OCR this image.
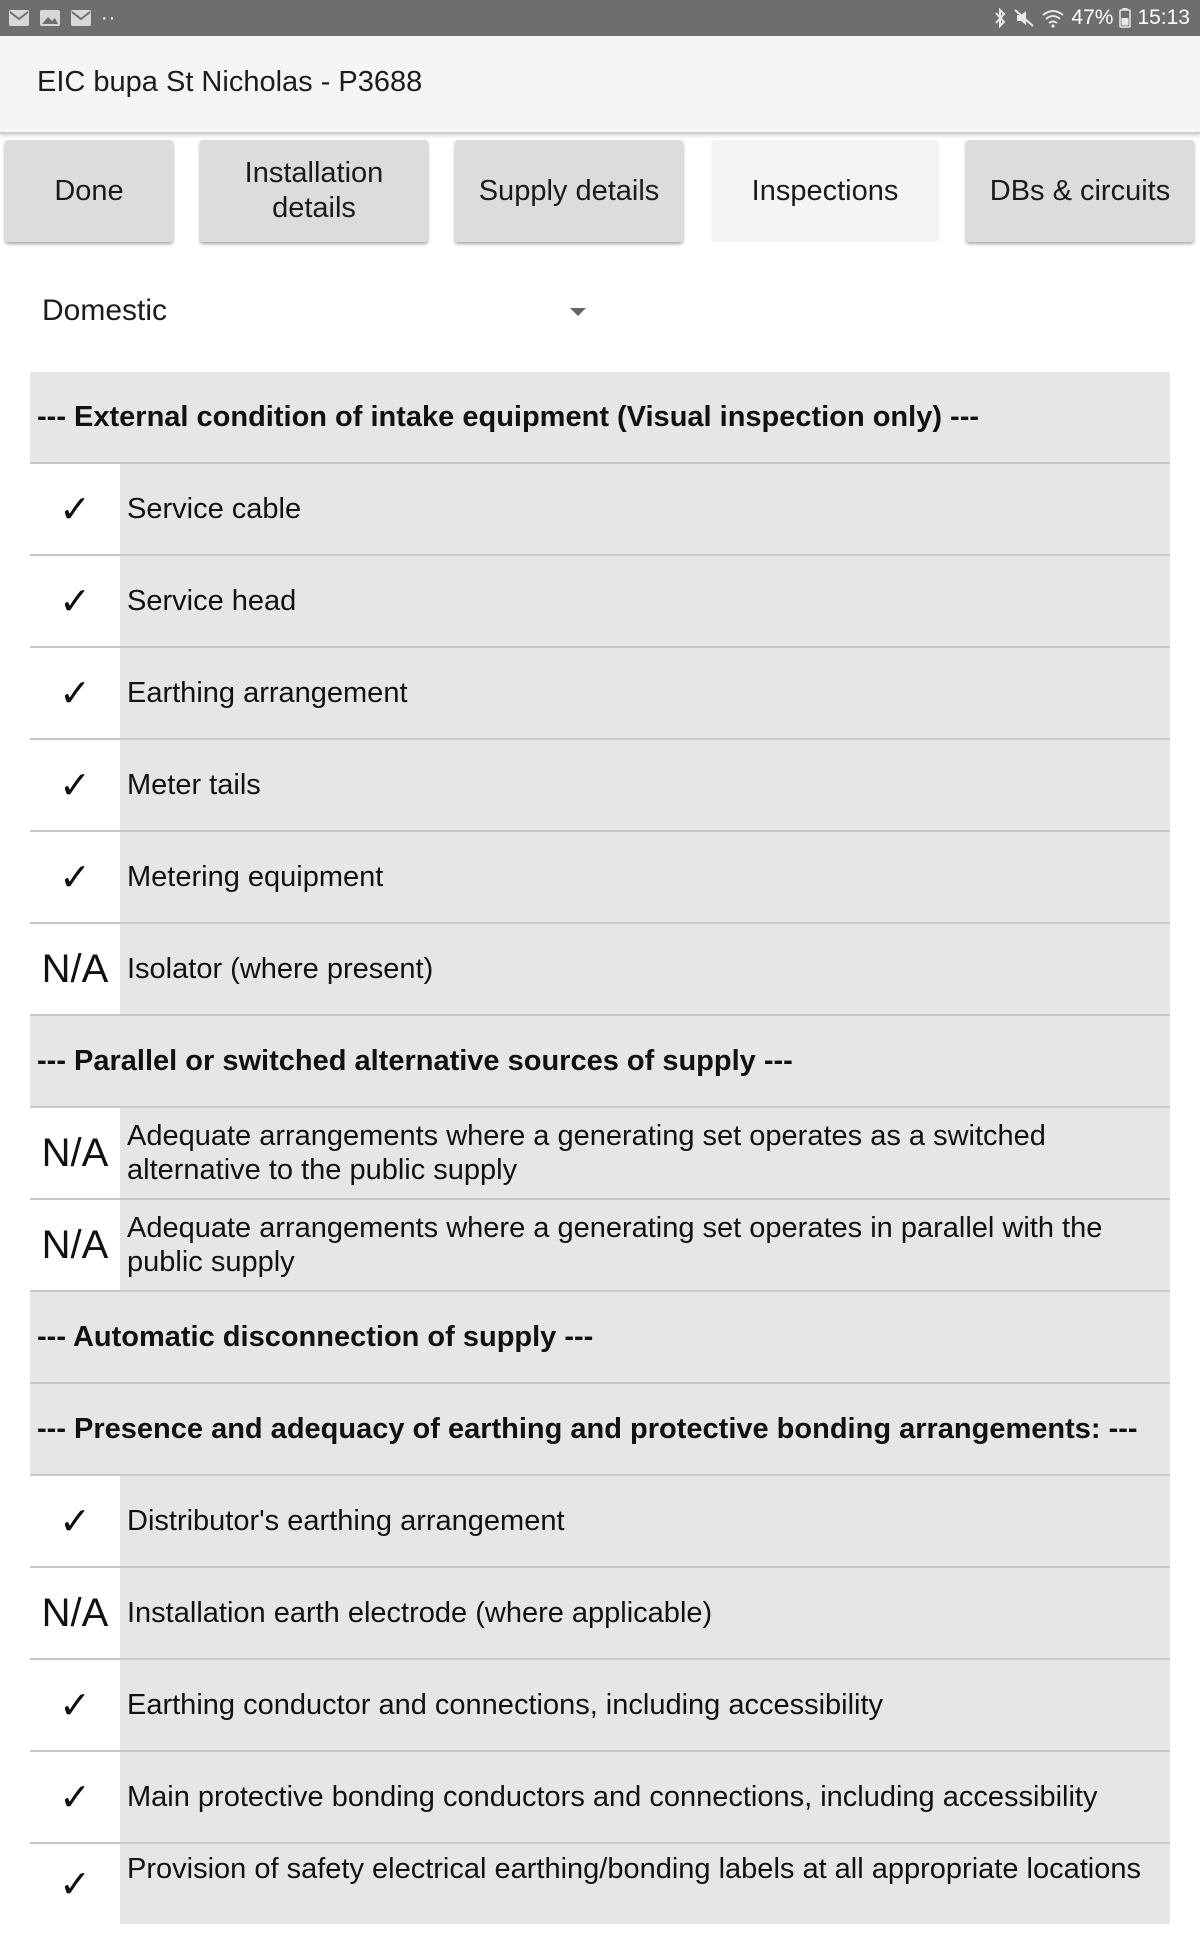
··	47% 15:13
EIC bupa St Nicholas - P3688
Done
Installation details
Supply details	Inspections	DBs & circuits
Domestic
--- External condition of intake equipment (Visual inspection only) ---
✓	Service cable
✓	Service head
✓	Earthing arrangement
✓	Meter tails
✓	Metering equipment
N/A Isolator (where present)
--- Parallel or switched alternative sources of supply ---
N/A Adequate arrangements where a generating set operates as a switched alternative to the public supply
N/A Adequate arrangements where a generating set operates in parallel with the public supply
--- Automatic disconnection of supply ---
--- Presence and adequacy of earthing and protective bonding arrangements: ---
✓	Distributor's earthing arrangement
N/A Installation earth electrode (where applicable)
✓	Earthing conductor and connections, including accessibility
✓	Main protective bonding conductors and connections, including accessibility
✓	Provision of safety electrical earthing/bonding labels at all appropriate locations
